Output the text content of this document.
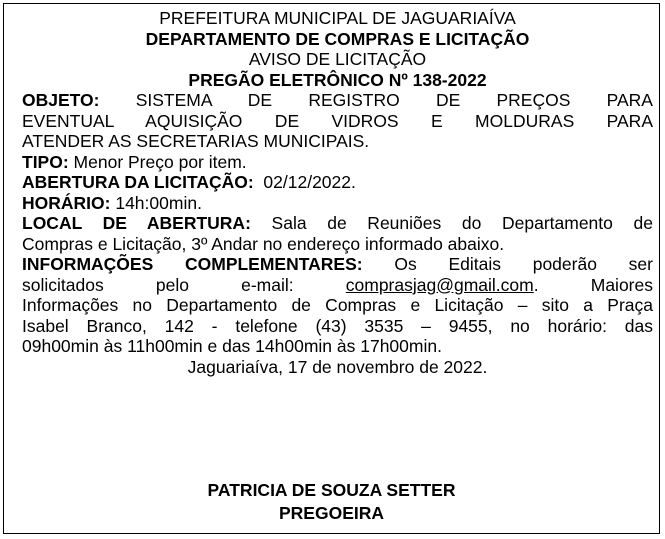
PREFEITURA MUNICIPAL DE JAGUARIAÍVA

DEPARTAMENTO DE COMPRAS E LICITAÇÃO

AVISO DE LICITAÇÃO

PREGÃO ELETRÔNICO Nº 138-2022

OBJETO: SISTEMA DE REGISTRO DE PREÇOS PARA

EVENTUAL AQUISIÇÃO DE VIDROS E MOLDURAS PARA

ATENDER AS SECRETARIAS MUNICIPAIS.

TIPO: Menor Preço por item.

ABERTURA DA LICITAÇÃO: 02/12/2022.

HORÁRIO: 14h:00min.

LOCAL DE ABERTURA: Sala de Reuniões do Departamento de

Compras e Licitação, 3º Andar no endereço informado abaixo.

INFORMAÇÕES COMPLEMENTARES: Os Editais poderão ser

solicitados pelo e-mail:	comprasjag@gmail.com. Maiores

Informações no Departamento de Compras e Licitação – sito a Praça

Isabel Branco, 142 - telefone (43) 3535 – 9455, no horário: das

09h00min às 11h00min e das 14h00min às 17h00min.

Jaguariaíva, 17 de novembro de 2022.

PATRICIA DE SOUZA SETTER
PREGOEIRA
